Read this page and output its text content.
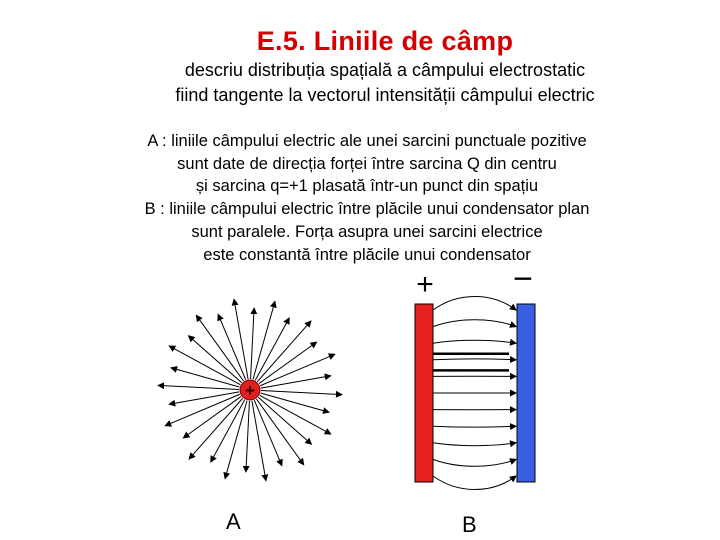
E.5. Liniile de câmp
descriu distribuția spațială a câmpului electrostatic
fiind tangente la vectorul intensității câmpului electric
A : liniile câmpului electric ale unei sarcini punctuale pozitive
sunt date de direcția forței între sarcina Q din centru
și sarcina q=+1 plasată într-un punct din spațiu
B : liniile câmpului electric între plăcile unui condensator plan
sunt paralele. Forța asupra unei sarcini electrice
este constantă între plăcile unui condensator
+
A
+ −
B
